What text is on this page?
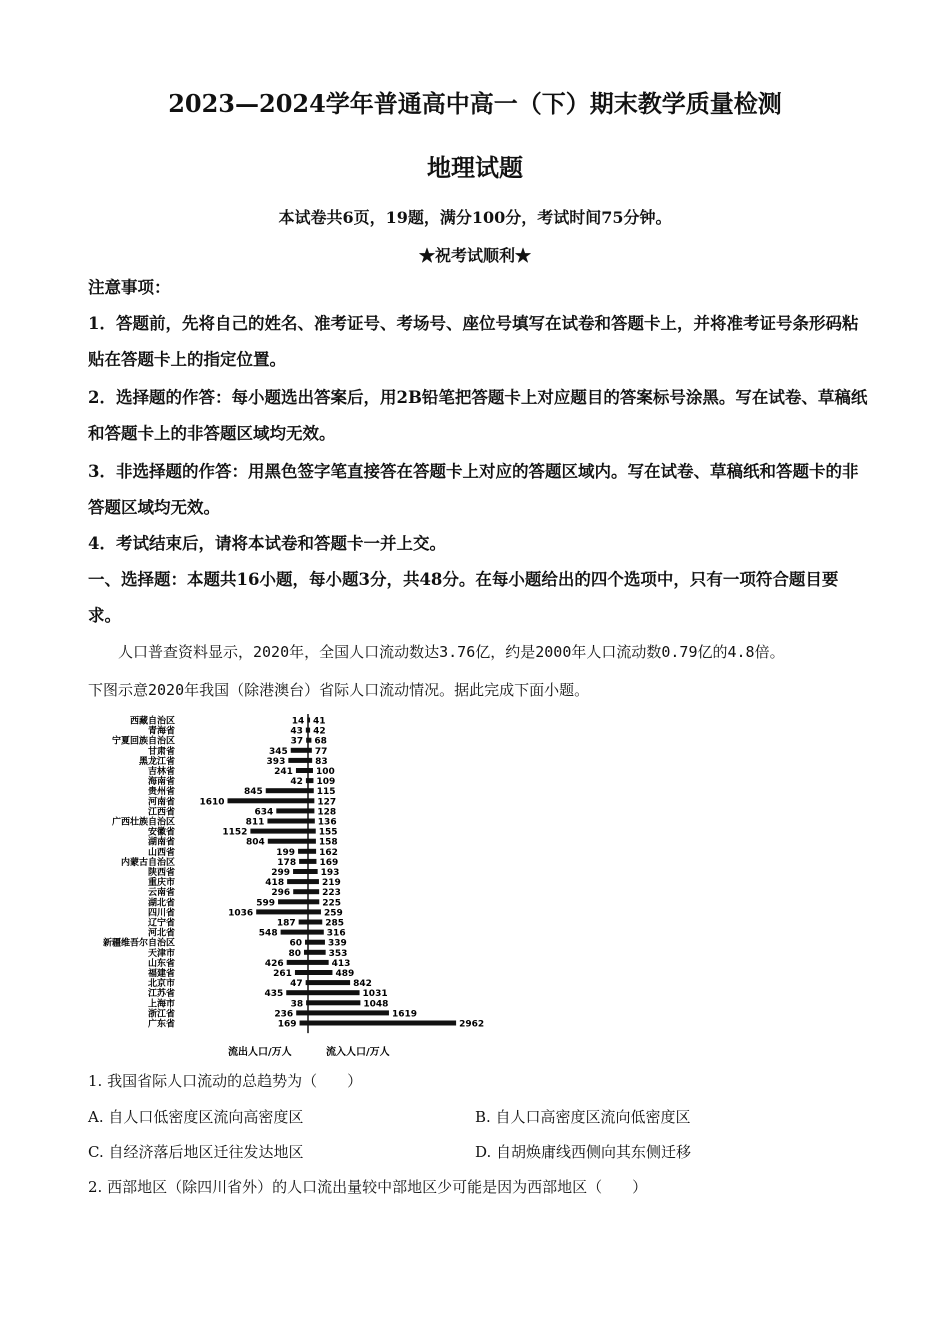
2023—2024学年普通高中高一（下）期末教学质量检测
地理试题
本试卷共6页，19题，满分100分，考试时间75分钟。
★祝考试顺利★
注意事项：
1．答题前，先将自己的姓名、准考证号、考场号、座位号填写在试卷和答题卡上，并将准考证号条形码粘贴在答题卡上的指定位置。
2．选择题的作答：每小题选出答案后，用2B铅笔把答题卡上对应题目的答案标号涂黑。写在试卷、草稿纸和答题卡上的非答题区域均无效。
3．非选择题的作答：用黑色签字笔直接答在答题卡上对应的答题区域内。写在试卷、草稿纸和答题卡的非答题区域均无效。
4．考试结束后，请将本试卷和答题卡一并上交。
一、选择题：本题共16小题，每小题3分，共48分。在每小题给出的四个选项中，只有一项符合题目要求。
人口普查资料显示，2020年，全国人口流动数达3.76亿，约是2000年人口流动数0.79亿的4.8倍。
下图示意2020年我国（除港澳台）省际人口流动情况。据此完成下面小题。
西藏自治区	14 41
青海省	43 42
宁夏回族自治区	37 68
甘肃省	345	77
黑龙江省	393	83
吉林省	241	100
海南省	42 109
贵州省	845	115
河南省	1610	127
江西省	634	128
广西壮族自治区	811	136
安徽省	1152	155
湖南省	804	158
山西省	199	162
内蒙古自治区	178	169
陕西省	299	193
重庆市	418	219
云南省	296	223
湖北省	599	225
四川省	1036	259
辽宁省	187	285
河北省	548	316
新疆维吾尔自治区	60	339
天津市	80	353
山东省	426	413
福建省	261	489
北京市	47	842
江苏省	435	1031
上海市	38	1048
浙江省	236	1619
广东省	169	2962
流出人口/万人	流入人口/万人
1. 我国省际人口流动的总趋势为（　　）
A. 自人口低密度区流向高密度区	B. 自人口高密度区流向低密度区
C. 自经济落后地区迁往发达地区	D. 自胡焕庸线西侧向其东侧迁移
2. 西部地区（除四川省外）的人口流出量较中部地区少可能是因为西部地区（　　）
